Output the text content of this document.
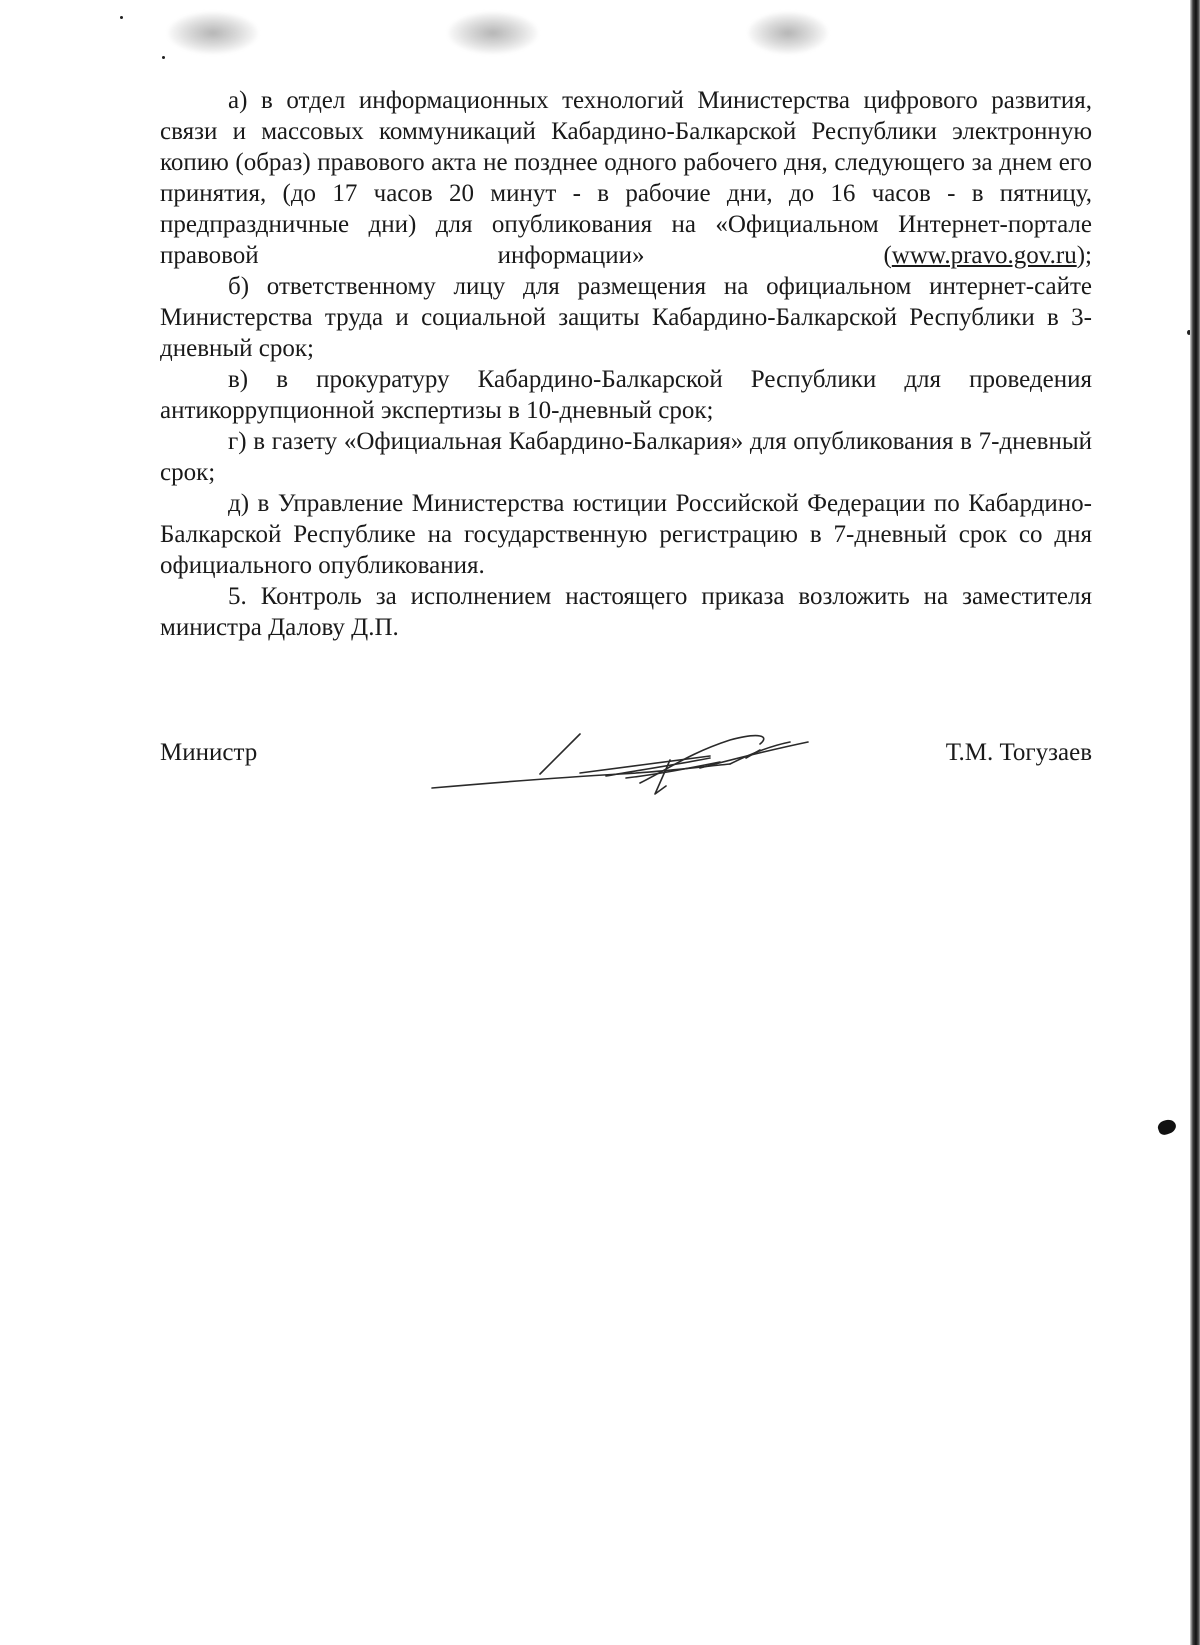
а) в отдел информационных технологий Министерства цифрового развития, связи и массовых коммуникаций Кабардино-Балкарской Республики электронную копию (образ) правового акта не позднее одного рабочего дня, следующего за днем его принятия, (до 17 часов 20 минут - в рабочие дни, до 16 часов - в пятницу, предпраздничные дни) для опубликования на «Официальном Интернет-портале правовой информации» (www.pravo.gov.ru);

б) ответственному лицу для размещения на официальном интернет-сайте Министерства труда и социальной защиты Кабардино-Балкарской Республики в 3-дневный срок;

в) в прокуратуру Кабардино-Балкарской Республики для проведения антикоррупционной экспертизы в 10-дневный срок;

г) в газету «Официальная Кабардино-Балкария» для опубликования в 7-дневный срок;

д) в Управление Министерства юстиции Российской Федерации по Кабардино-Балкарской Республике на государственную регистрацию в 7-дневный срок со дня официального опубликования.

5. Контроль за исполнением настоящего приказа возложить на заместителя министра Далову Д.П.

Министр	Т.М. Тогузаев
